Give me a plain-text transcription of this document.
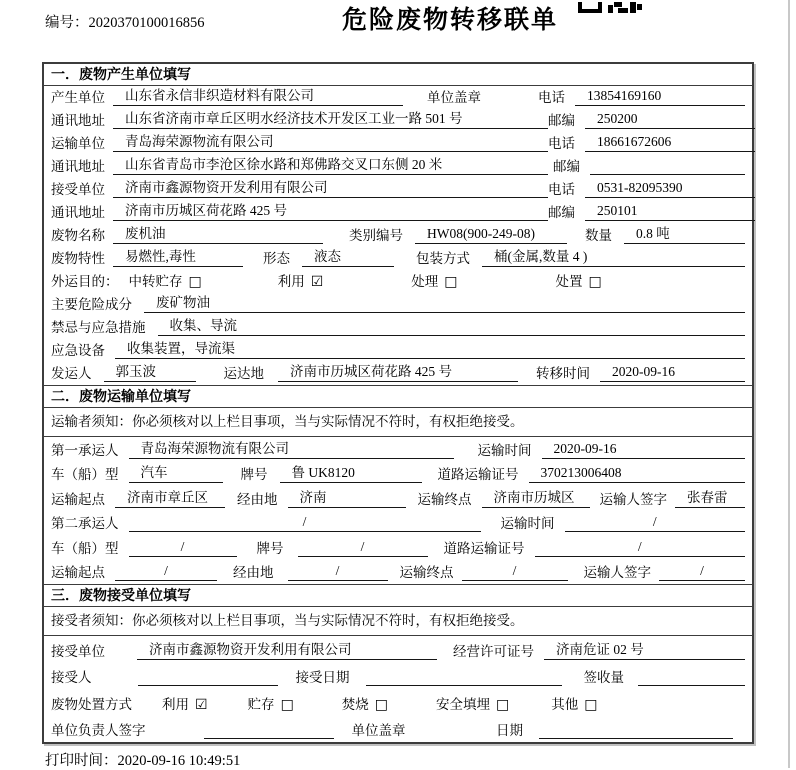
编号：2020370100016856	危险废物转移联单
一．废物产生单位填写
产生单位	山东省永信非织造材料有限公司	单位盖章	电话	13854169160
通讯地址	山东省济南市章丘区明水经济技术开发区工业一路 501 号	邮编	250200
运输单位	青岛海荣源物流有限公司	电话	18661672606
通讯地址	山东省青岛市李沧区徐水路和郑佛路交叉口东侧 20 米	邮编
接受单位	济南市鑫源物资开发利用有限公司	电话	0531-82095390
通讯地址	济南市历城区荷花路 425 号	邮编	250101
废物名称	废机油	类别编号	HW08(900-249-08)	数量	0.8 吨
废物特性	易燃性,毒性	形态	液态	包装方式	桶(金属,数量 4 )
外运目的： 中转贮存 □	利用 ☑	处理 □	处置 □
主要危险成分	废矿物油
禁忌与应急措施	收集、导流
应急设备	收集装置，导流渠
发运人	郭玉波	运达地	济南市历城区荷花路 425 号	转移时间	2020-09-16
二．废物运输单位填写
运输者须知：你必须核对以上栏目事项，当与实际情况不符时，有权拒绝接受。
第一承运人	青岛海荣源物流有限公司	运输时间	2020-09-16
车（船）型	汽车	牌号	鲁 UK8120	道路运输证号	370213006408
运输起点	济南市章丘区	经由地	济南	运输终点	济南市历城区	运输人签字	张春雷
第二承运人	/	运输时间	/
车（船）型	/	牌号	/	道路运输证号	/
运输起点	/	经由地	/	运输终点	/	运输人签字	/
三．废物接受单位填写
接受者须知：你必须核对以上栏目事项，当与实际情况不符时，有权拒绝接受。
接受单位	济南市鑫源物资开发利用有限公司	经营许可证号	济南危证 02 号
接受人	接受日期	签收量
废物处置方式 利用 ☑	贮存 □	焚烧 □	安全填埋 □	其他 □
单位负责人签字	单位盖章	日期
打印时间：2020-09-16 10:49:51
